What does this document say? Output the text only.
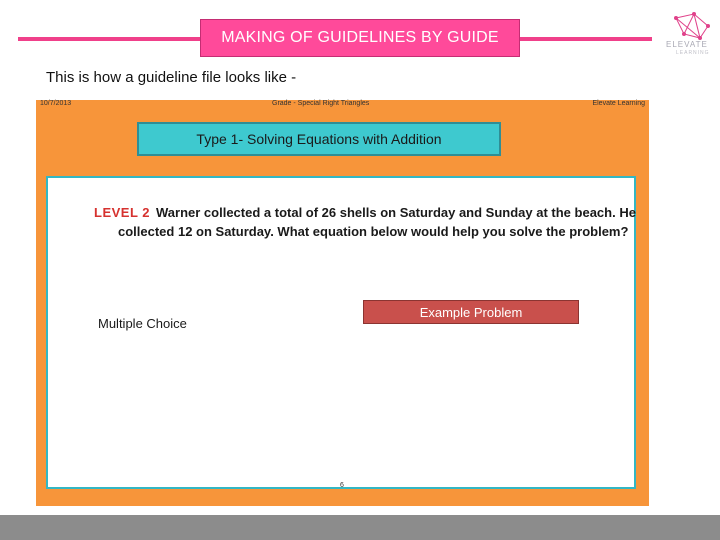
MAKING OF GUIDELINES BY GUIDE	ELEVATE
LEARNING
This is how a guideline file looks like -
10/7/2013	Grade - Special Right Triangles	Elevate Learning
Type 1- Solving Equations with Addition
LEVEL 2 Warner collected a total of 26 shells on Saturday and Sunday at the beach. He collected 12 on Saturday. What equation below would help you solve the problem?
Multiple Choice
Example Problem
6
